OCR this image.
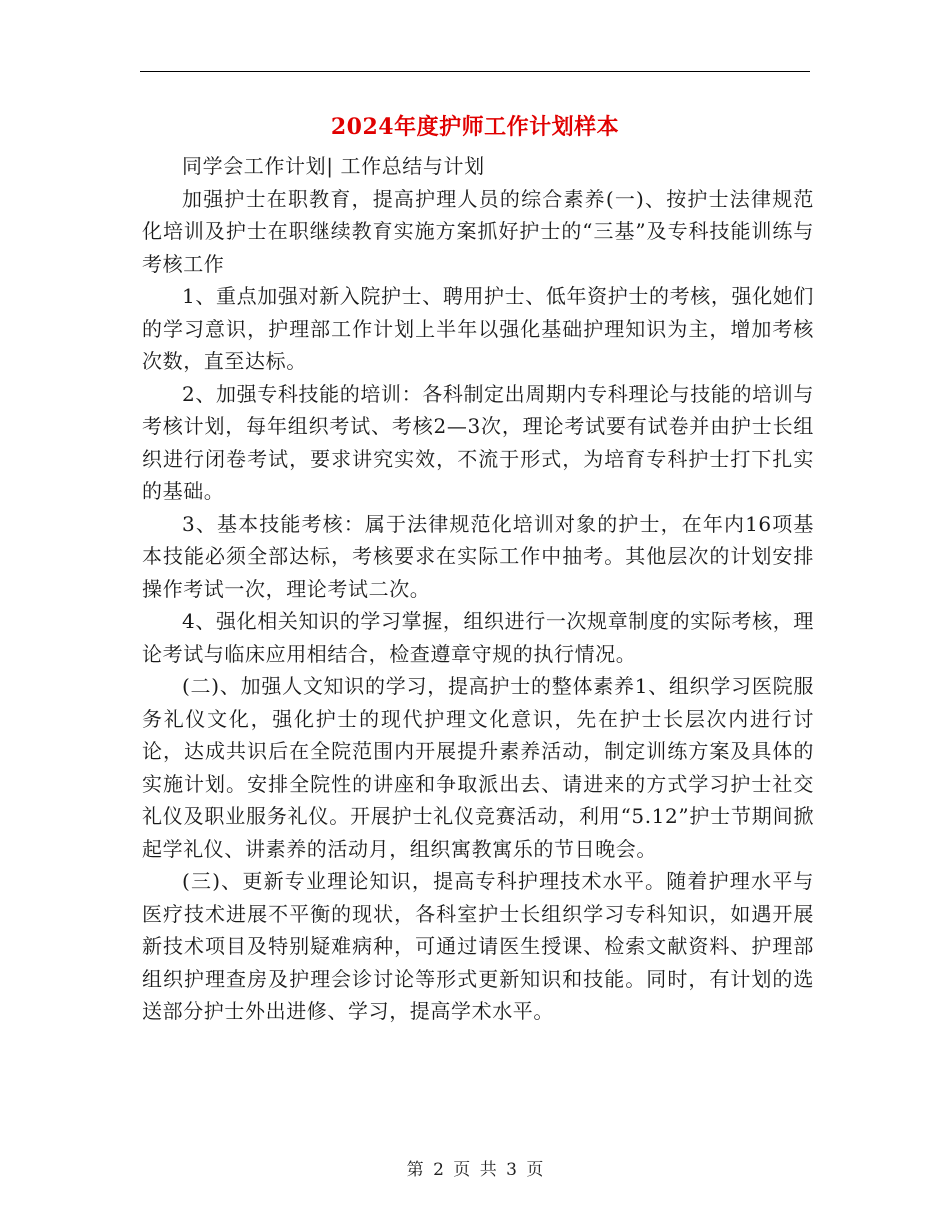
2024年度护师工作计划样本

同学会工作计划| 工作总结与计划

加强护士在职教育，提高护理人员的综合素养(一)、按护士法律规范化培训及护士在职继续教育实施方案抓好护士的“三基”及专科技能训练与考核工作

1、重点加强对新入院护士、聘用护士、低年资护士的考核，强化她们的学习意识，护理部工作计划上半年以强化基础护理知识为主，增加考核次数，直至达标。

2、加强专科技能的培训：各科制定出周期内专科理论与技能的培训与考核计划，每年组织考试、考核2—3次，理论考试要有试卷并由护士长组织进行闭卷考试，要求讲究实效，不流于形式，为培育专科护士打下扎实的基础。

3、基本技能考核：属于法律规范化培训对象的护士，在年内16项基本技能必须全部达标，考核要求在实际工作中抽考。其他层次的计划安排操作考试一次，理论考试二次。

4、强化相关知识的学习掌握，组织进行一次规章制度的实际考核，理论考试与临床应用相结合，检查遵章守规的执行情况。

(二)、加强人文知识的学习，提高护士的整体素养1、组织学习医院服务礼仪文化，强化护士的现代护理文化意识，先在护士长层次内进行讨论，达成共识后在全院范围内开展提升素养活动，制定训练方案及具体的实施计划。安排全院性的讲座和争取派出去、请进来的方式学习护士社交礼仪及职业服务礼仪。开展护士礼仪竞赛活动，利用“5.12”护士节期间掀起学礼仪、讲素养的活动月，组织寓教寓乐的节日晚会。

(三)、更新专业理论知识，提高专科护理技术水平。随着护理水平与医疗技术进展不平衡的现状，各科室护士长组织学习专科知识，如遇开展新技术项目及特别疑难病种，可通过请医生授课、检索文献资料、护理部组织护理查房及护理会诊讨论等形式更新知识和技能。同时，有计划的选送部分护士外出进修、学习，提高学术水平。

第 2 页 共 3 页
